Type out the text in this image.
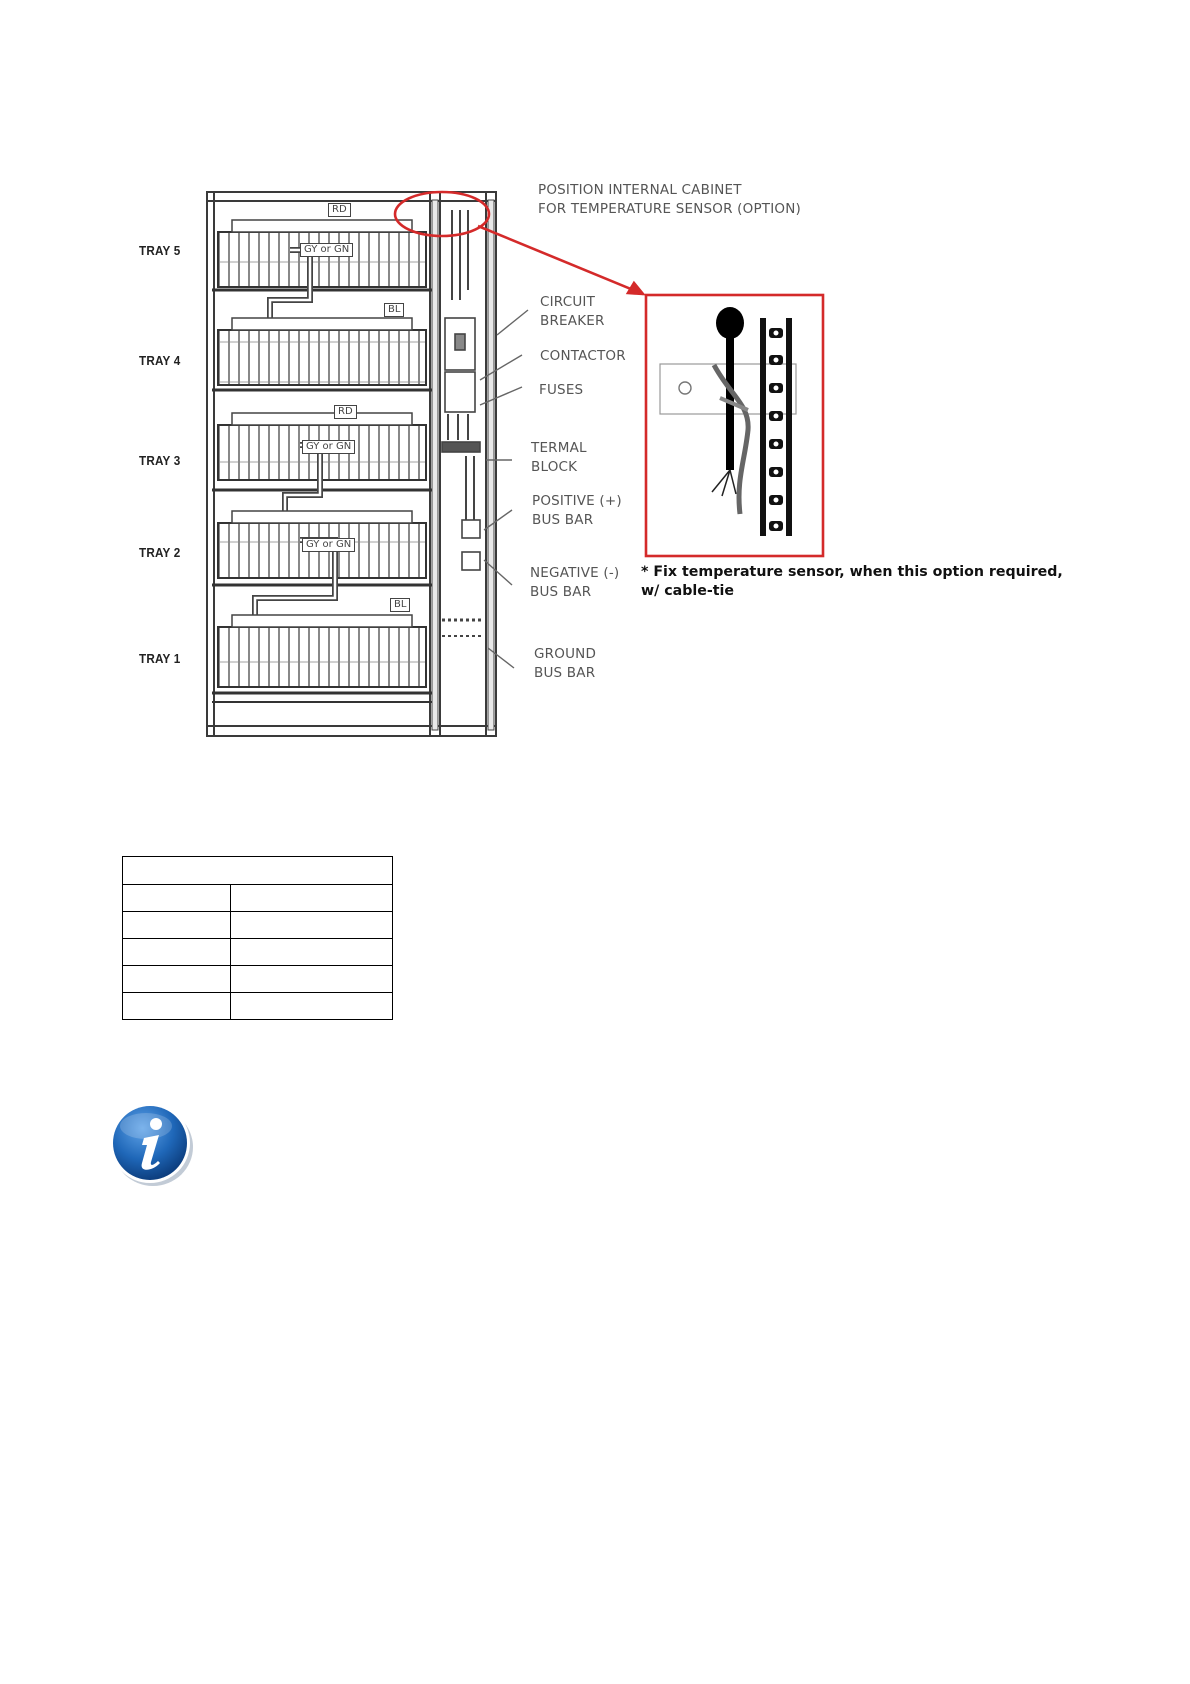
TRAY 5
TRAY 4
TRAY 3
TRAY 2
TRAY 1
RD
GY or GN
BL
RD
GY or GN
GY or GN
BL
POSITION INTERNAL CABINET
FOR TEMPERATURE SENSOR (OPTION)
CIRCUIT
BREAKER
CONTACTOR
FUSES
TERMAL
BLOCK
POSITIVE (+)
BUS BAR
NEGATIVE (-)
BUS BAR
GROUND
BUS BAR
* Fix temperature sensor, when this option required,
w/ cable-tie
